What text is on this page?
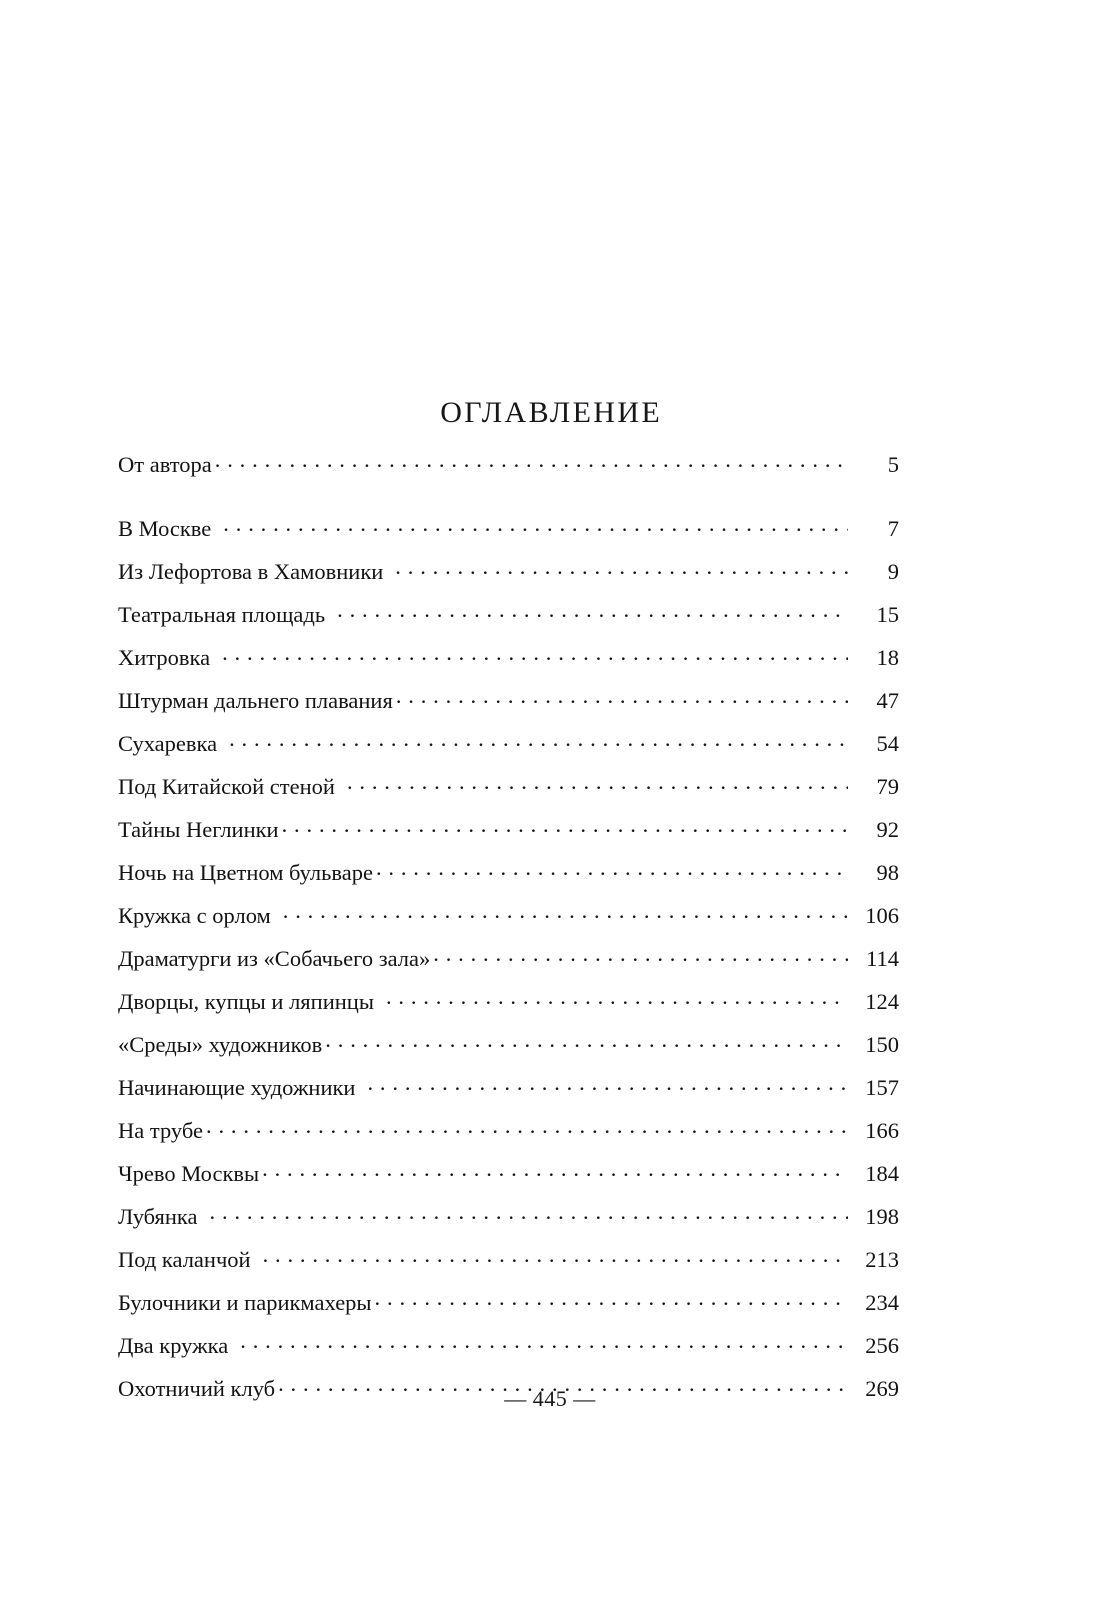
ОГЛАВЛЕНИЕ
От автора . . .	5
В Москве . . .	7
Из Лефортова в Хамовники . . .	9
Театральная площадь . . .	15
Хитровка . . .	18
Штурман дальнего плавания . . .	47
Сухаревка . . .	54
Под Китайской стеной . . .	79
Тайны Неглинки . . .	92
Ночь на Цветном бульваре . . .	98
Кружка с орлом . . .	106
Драматурги из «Собачьего зала» . . .	114
Дворцы, купцы и ляпинцы . . .	124
«Среды» художников . . .	150
Начинающие художники . . .	157
На трубе . . .	166
Чрево Москвы . . .	184
Лубянка . . .	198
Под каланчой . . .	213
Булочники и парикмахеры . . .	234
Два кружка . . .	256
Охотничий клуб . . .	269
— 445 —
